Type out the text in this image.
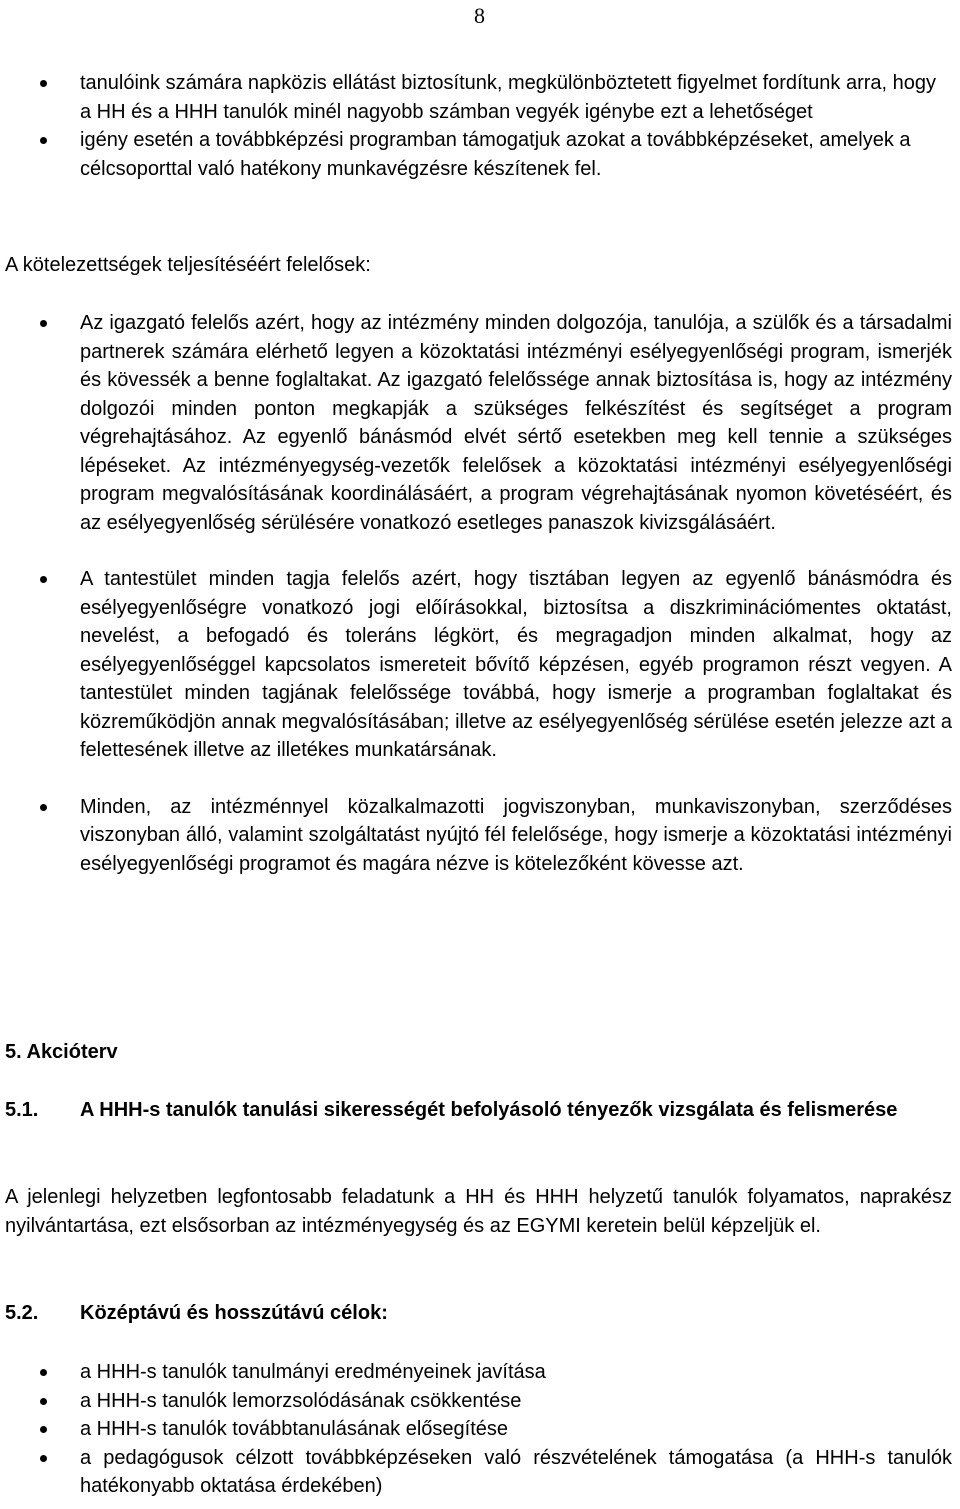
8
tanulóink számára napközis ellátást biztosítunk, megkülönböztetett figyelmet fordítunk arra, hogy a HH és a HHH tanulók minél nagyobb számban vegyék igénybe ezt a lehetőséget
igény esetén a továbbképzési programban támogatjuk azokat a továbbképzéseket, amelyek a célcsoporttal való hatékony munkavégzésre készítenek fel.

A kötelezettségek teljesítéséért felelősek:

Az igazgató felelős azért, hogy az intézmény minden dolgozója, tanulója, a szülők és a társadalmi partnerek számára elérhető legyen a közoktatási intézményi esélyegyenlőségi program, ismerjék és kövessék a benne foglaltakat. Az igazgató felelőssége annak biztosítása is, hogy az intézmény dolgozói minden ponton megkapják a szükséges felkészítést és segítséget a program végrehajtásához. Az egyenlő bánásmód elvét sértő esetekben meg kell tennie a szükséges lépéseket. Az intézményegység-vezetők felelősek a közoktatási intézményi esélyegyenlőségi program megvalósításának koordinálásáért, a program végrehajtásának nyomon követéséért, és az esélyegyenlőség sérülésére vonatkozó esetleges panaszok kivizsgálásáért.
A tantestület minden tagja felelős azért, hogy tisztában legyen az egyenlő bánásmódra és esélyegyenlőségre vonatkozó jogi előírásokkal, biztosítsa a diszkriminációmentes oktatást, nevelést, a befogadó és toleráns légkört, és megragadjon minden alkalmat, hogy az esélyegyenlőséggel kapcsolatos ismereteit bővítő képzésen, egyéb programon részt vegyen. A tantestület minden tagjának felelőssége továbbá, hogy ismerje a programban foglaltakat és közreműködjön annak megvalósításában; illetve az esélyegyenlőség sérülése esetén jelezze azt a felettesének illetve az illetékes munkatársának.
Minden, az intézménnyel közalkalmazotti jogviszonyban, munkaviszonyban, szerződéses viszonyban álló, valamint szolgáltatást nyújtó fél felelősége, hogy ismerje a közoktatási intézményi esélyegyenlőségi programot és magára nézve is kötelezőként kövesse azt.
5. Akcióterv
5.1. A HHH-s tanulók tanulási sikerességét befolyásoló tényezők vizsgálata és felismerése

A jelenlegi helyzetben legfontosabb feladatunk a HH és HHH helyzetű tanulók folyamatos, naprakész nyilvántartása, ezt elsősorban az intézményegység és az EGYMI keretein belül képzeljük el.

5.2. Középtávú és hosszútávú célok:
a HHH-s tanulók tanulmányi eredményeinek javítása
a HHH-s tanulók lemorzsolódásának csökkentése
a HHH-s tanulók továbbtanulásának elősegítése
a pedagógusok célzott továbbképzéseken való részvételének támogatása (a HHH-s tanulók hatékonyabb oktatása érdekében)
